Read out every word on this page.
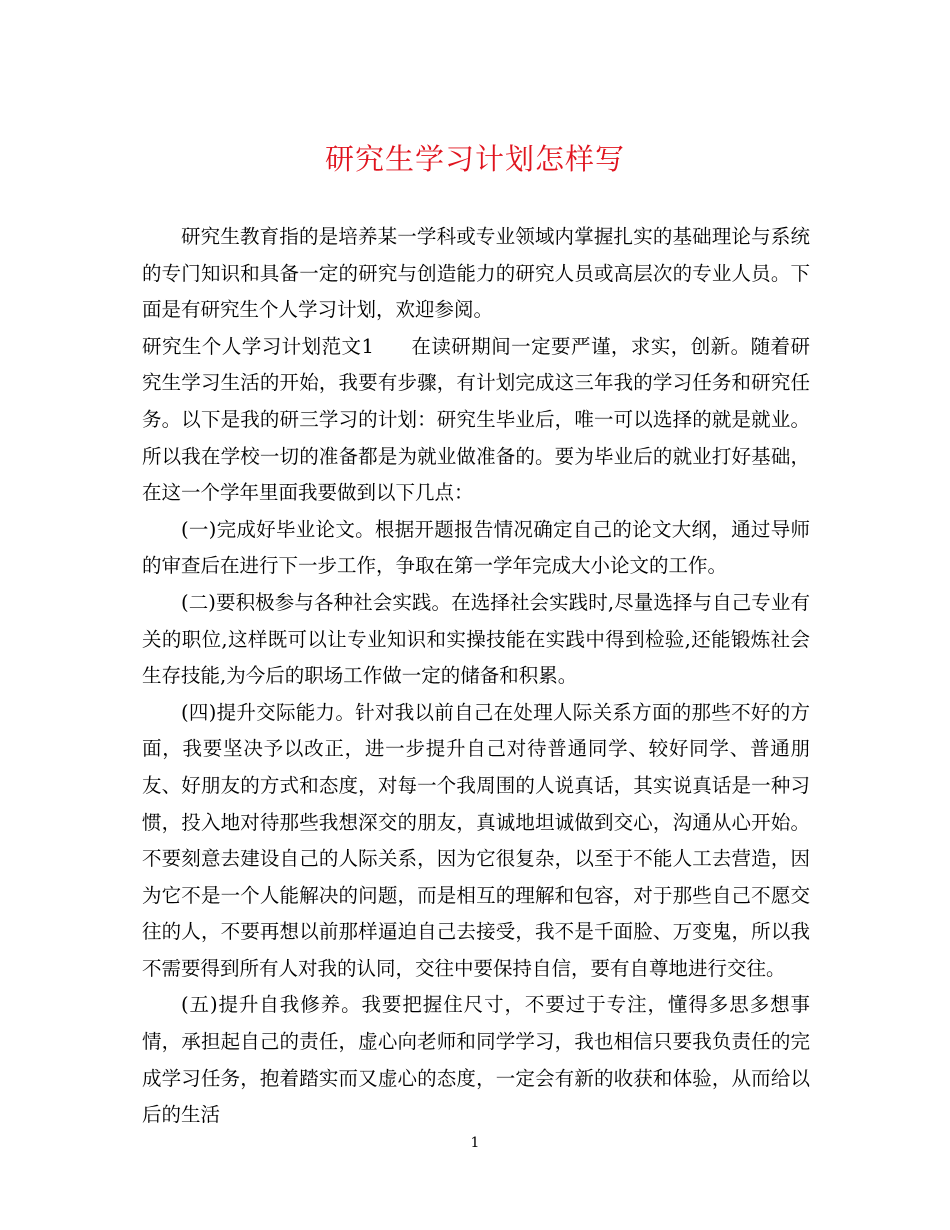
研究生学习计划怎样写

研究生教育指的是培养某一学科或专业领域内掌握扎实的基础理论与系统的专门知识和具备一定的研究与创造能力的研究人员或高层次的专业人员。下面是有研究生个人学习计划，欢迎参阅。

研究生个人学习计划范文1 在读研期间一定要严谨，求实，创新。随着研究生学习生活的开始，我要有步骤，有计划完成这三年我的学习任务和研究任务。以下是我的研三学习的计划：研究生毕业后，唯一可以选择的就是就业。所以我在学校一切的准备都是为就业做准备的。要为毕业后的就业打好基础，在这一个学年里面我要做到以下几点：

(一)完成好毕业论文。根据开题报告情况确定自己的论文大纲，通过导师的审查后在进行下一步工作，争取在第一学年完成大小论文的工作。

(二)要积极参与各种社会实践。在选择社会实践时,尽量选择与自己专业有关的职位,这样既可以让专业知识和实操技能在实践中得到检验,还能锻炼社会生存技能,为今后的职场工作做一定的储备和积累。

(四)提升交际能力。针对我以前自己在处理人际关系方面的那些不好的方面，我要坚决予以改正，进一步提升自己对待普通同学、较好同学、普通朋友、好朋友的方式和态度，对每一个我周围的人说真话，其实说真话是一种习惯，投入地对待那些我想深交的朋友，真诚地坦诚做到交心，沟通从心开始。不要刻意去建设自己的人际关系，因为它很复杂，以至于不能人工去营造，因为它不是一个人能解决的问题，而是相互的理解和包容，对于那些自己不愿交往的人，不要再想以前那样逼迫自己去接受，我不是千面脸、万变鬼，所以我不需要得到所有人对我的认同，交往中要保持自信，要有自尊地进行交往。

(五)提升自我修养。我要把握住尺寸，不要过于专注，懂得多思多想事情，承担起自己的责任，虚心向老师和同学学习，我也相信只要我负责任的完成学习任务，抱着踏实而又虚心的态度，一定会有新的收获和体验，从而给以后的生活

1
